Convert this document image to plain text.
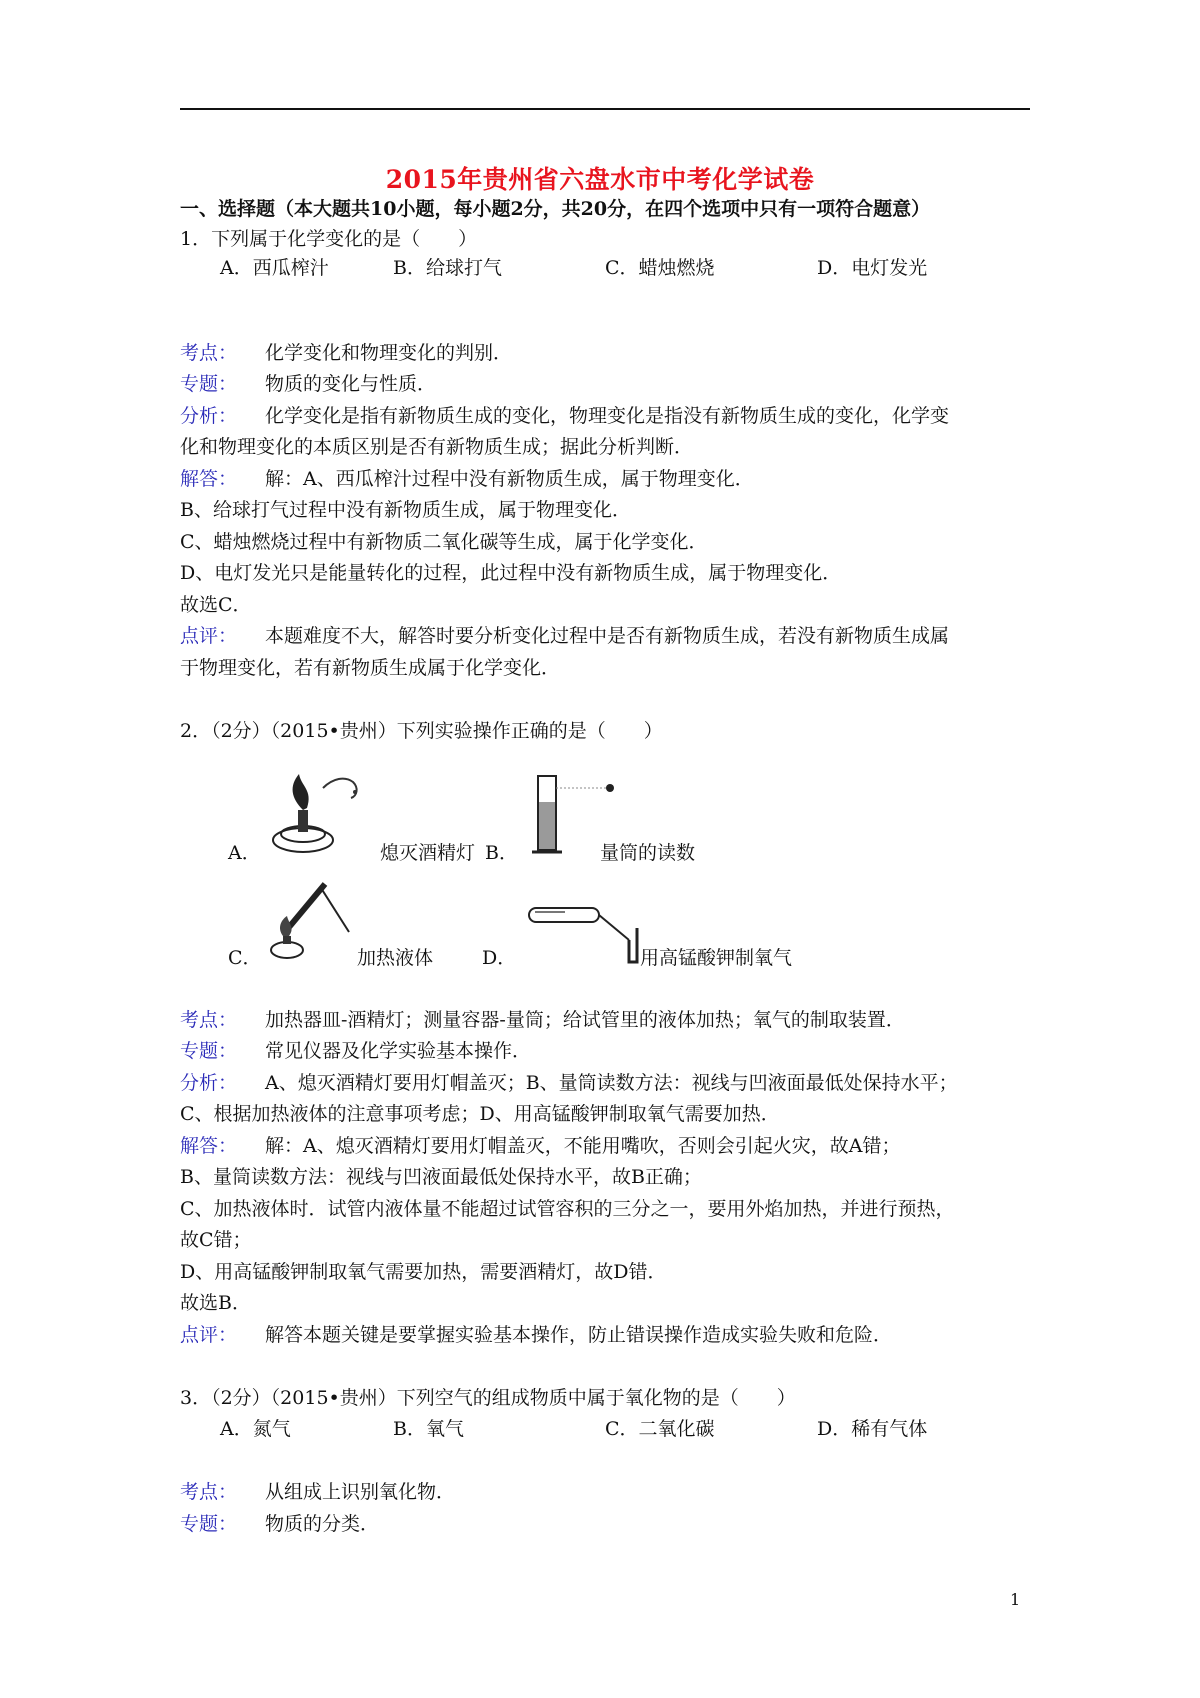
2015年贵州省六盘水市中考化学试卷
一、选择题（本大题共10小题，每小题2分，共20分，在四个选项中只有一项符合题意）
1．下列属于化学变化的是（　　）
A．西瓜榨汁	B．给球打气	C．蜡烛燃烧	D．电灯发光
考点： 化学变化和物理变化的判别．
专题： 物质的变化与性质．
分析： 化学变化是指有新物质生成的变化，物理变化是指没有新物质生成的变化，化学变
化和物理变化的本质区别是否有新物质生成；据此分析判断．
解答： 解：A、西瓜榨汁过程中没有新物质生成，属于物理变化．
B、给球打气过程中没有新物质生成，属于物理变化．
C、蜡烛燃烧过程中有新物质二氧化碳等生成，属于化学变化．
D、电灯发光只是能量转化的过程，此过程中没有新物质生成，属于物理变化．
故选C．
点评： 本题难度不大，解答时要分析变化过程中是否有新物质生成，若没有新物质生成属
于物理变化，若有新物质生成属于化学变化．
2．（2分）（2015•贵州）下列实验操作正确的是（　　）
A．	熄灭酒精灯 B．	量筒的读数
C．	加热液体	D．	用高锰酸钾制氧气
考点： 加热器皿-酒精灯；测量容器-量筒；给试管里的液体加热；氧气的制取装置．
专题： 常见仪器及化学实验基本操作．
分析： A、熄灭酒精灯要用灯帽盖灭；B、量筒读数方法：视线与凹液面最低处保持水平；
C、根据加热液体的注意事项考虑；D、用高锰酸钾制取氧气需要加热．
解答： 解：A、熄灭酒精灯要用灯帽盖灭，不能用嘴吹，否则会引起火灾，故A错；
B、量筒读数方法：视线与凹液面最低处保持水平，故B正确；
C、加热液体时．试管内液体量不能超过试管容积的三分之一，要用外焰加热，并进行预热，
故C错；
D、用高锰酸钾制取氧气需要加热，需要酒精灯，故D错．
故选B．
点评： 解答本题关键是要掌握实验基本操作，防止错误操作造成实验失败和危险．
3．（2分）（2015•贵州）下列空气的组成物质中属于氧化物的是（　　）
A．氮气	B．氧气	C．二氧化碳	D．稀有气体
考点： 从组成上识别氧化物．
专题： 物质的分类．
1
